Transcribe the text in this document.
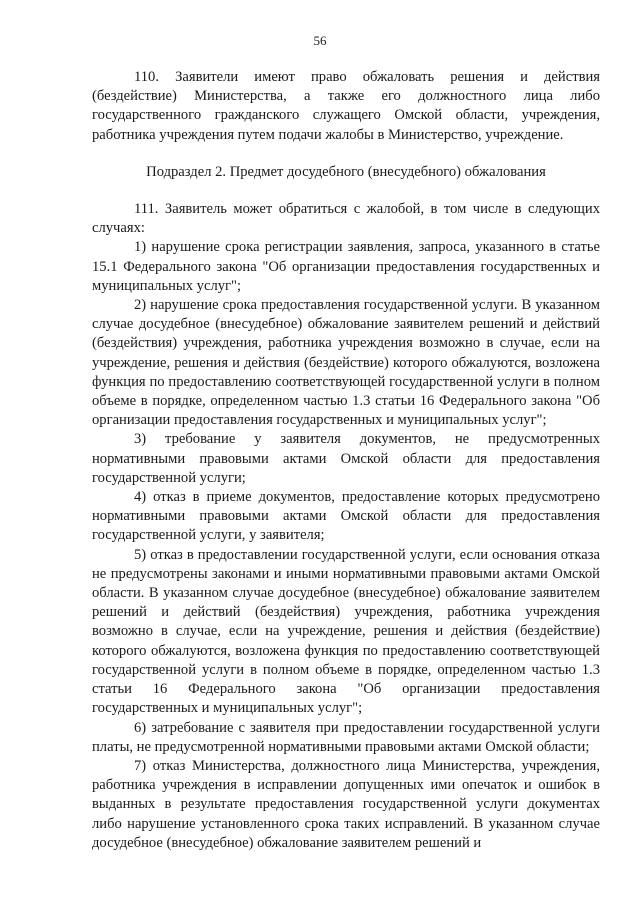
56

110. Заявители имеют право обжаловать решения и действия (бездействие) Министерства, а также его должностного лица либо государственного гражданского служащего Омской области, учреждения, работника учреждения путем подачи жалобы в Министерство, учреждение.

Подраздел 2. Предмет досудебного (внесудебного) обжалования

111. Заявитель может обратиться с жалобой, в том числе в следующих случаях:

1) нарушение срока регистрации заявления, запроса, указанного в статье 15.1 Федерального закона "Об организации предоставления государственных и муниципальных услуг";

2) нарушение срока предоставления государственной услуги. В указанном случае досудебное (внесудебное) обжалование заявителем решений и действий (бездействия) учреждения, работника учреждения возможно в случае, если на учреждение, решения и действия (бездействие) которого обжалуются, возложена функция по предоставлению соответствующей государственной услуги в полном объеме в порядке, определенном частью 1.3 статьи 16 Федерального закона "Об организации предоставления государственных и муниципальных услуг";

3) требование у заявителя документов, не предусмотренных нормативными правовыми актами Омской области для предоставления государственной услуги;

4) отказ в приеме документов, предоставление которых предусмотрено нормативными правовыми актами Омской области для предоставления государственной услуги, у заявителя;

5) отказ в предоставлении государственной услуги, если основания отказа не предусмотрены законами и иными нормативными правовыми актами Омской области. В указанном случае досудебное (внесудебное) обжалование заявителем решений и действий (бездействия) учреждения, работника учреждения возможно в случае, если на учреждение, решения и действия (бездействие) которого обжалуются, возложена функция по предоставлению соответствующей государственной услуги в полном объеме в порядке, определенном частью 1.3 статьи 16 Федерального закона "Об организации предоставления государственных и муниципальных услуг";

6) затребование с заявителя при предоставлении государственной услуги платы, не предусмотренной нормативными правовыми актами Омской области;

7) отказ Министерства, должностного лица Министерства, учреждения, работника учреждения в исправлении допущенных ими опечаток и ошибок в выданных в результате предоставления государственной услуги документах либо нарушение установленного срока таких исправлений. В указанном случае досудебное (внесудебное) обжалование заявителем решений и
